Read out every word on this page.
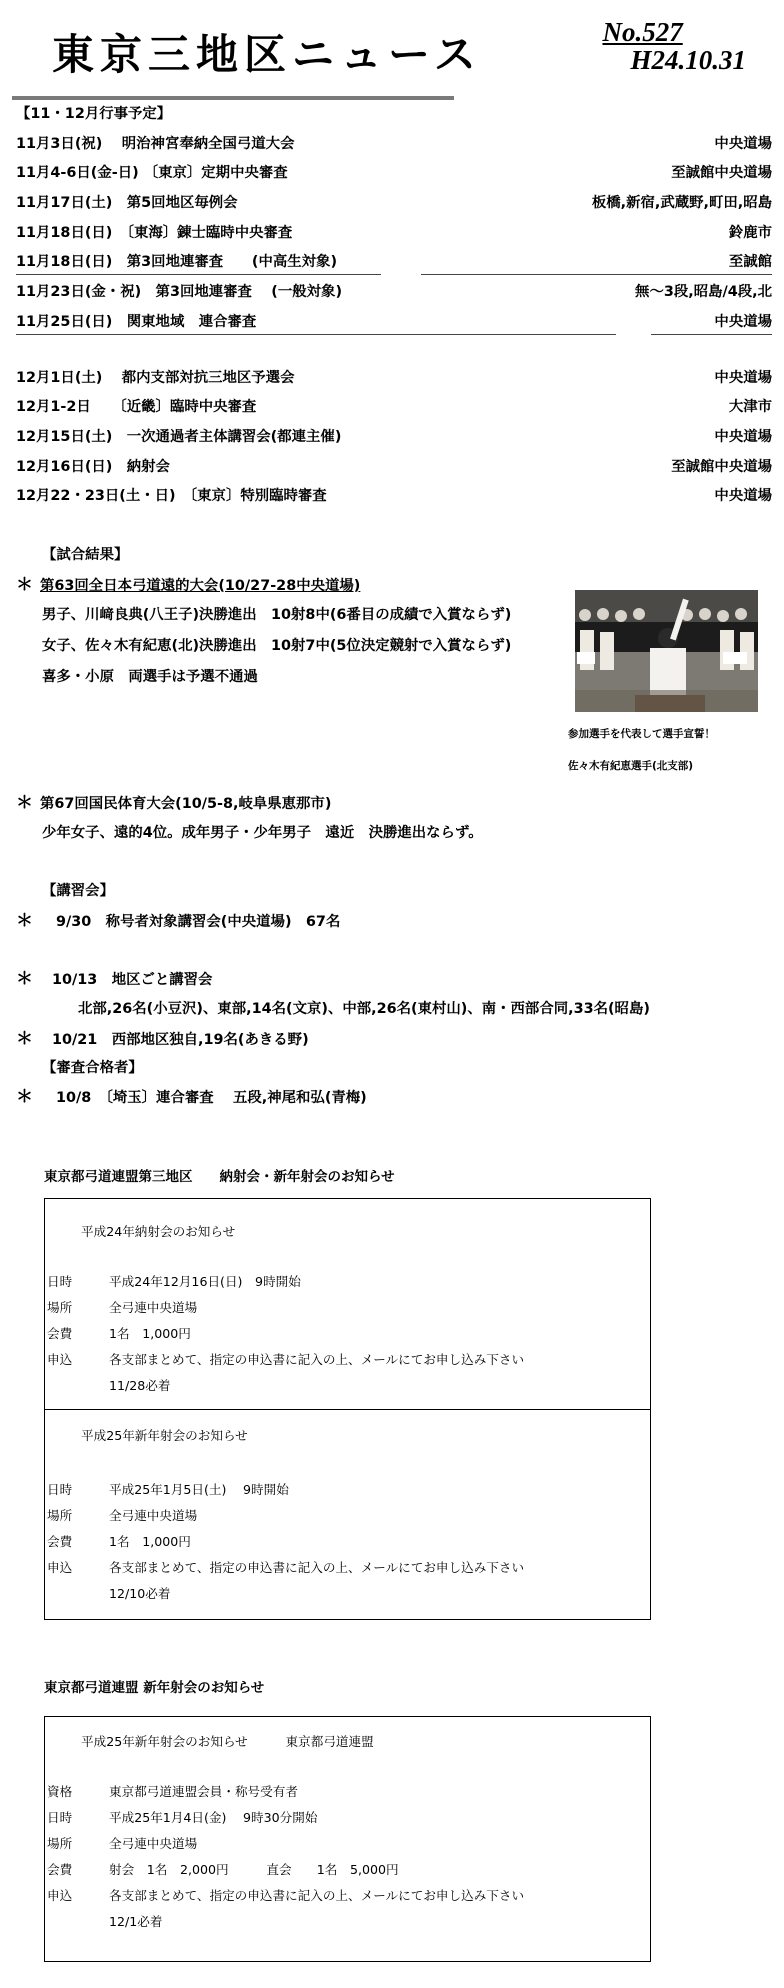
東京三地区ニュース	No.527
H24.10.31
【11・12月行事予定】
11月3日(祝)　 明治神宮奉納全国弓道大会	中央道場
11月4-6日(金-日) 〔東京〕定期中央審査	至誠館中央道場
11月17日(土)　第5回地区毎例会	板橋,新宿,武蔵野,町田,昭島
11月18日(日)　〔東海〕錬士臨時中央審査	鈴鹿市
11月18日(日)　第3回地連審査　　(中高生対象)	至誠館
11月23日(金・祝)　第3回地連審査　 (一般対象)	無～3段,昭島/4段,北
11月25日(日)　関東地域　連合審査	中央道場
12月1日(土)　 都内支部対抗三地区予選会	中央道場
12月1-2日　　〔近畿〕臨時中央審査	大津市
12月15日(土)　一次通過者主体講習会(都連主催)	中央道場
12月16日(日)　納射会	至誠館中央道場
12月22・23日(土・日)　〔東京〕特別臨時審査	中央道場
【試合結果】
＊ 第63回全日本弓道遠的大会(10/27-28中央道場)
男子、川﨑良典(八王子)決勝進出　10射8中(6番目の成績で入賞ならず)
女子、佐々木有紀恵(北)決勝進出　10射7中(5位決定競射で入賞ならず)
喜多・小原　両選手は予選不通過
参加選手を代表して選手宣誓！
佐々木有紀恵選手(北支部)
＊ 第67回国民体育大会(10/5-8,岐阜県恵那市)
少年女子、遠的4位。成年男子・少年男子　遠近　決勝進出ならず。
【講習会】
＊ 9/30　称号者対象講習会(中央道場)　67名
＊ 10/13　地区ごと講習会
北部,26名(小豆沢)、東部,14名(文京)、中部,26名(東村山)、南・西部合同,33名(昭島)
＊ 10/21　西部地区独自,19名(あきる野)
【審査合格者】
＊ 10/8　〔埼玉〕連合審査　 五段,神尾和弘(青梅)
東京都弓道連盟第三地区　　納射会・新年射会のお知らせ
平成24年納射会のお知らせ
日時	平成24年12月16日(日)　9時開始
場所	全弓連中央道場
会費	1名　1,000円
申込	各支部まとめて、指定の申込書に記入の上、メールにてお申し込み下さい
11/28必着
平成25年新年射会のお知らせ
日時	平成25年1月5日(土)　 9時開始
場所	全弓連中央道場
会費	1名　1,000円
申込	各支部まとめて、指定の申込書に記入の上、メールにてお申し込み下さい
12/10必着
東京都弓道連盟 新年射会のお知らせ
平成25年新年射会のお知らせ　　　東京都弓道連盟
資格	東京都弓道連盟会員・称号受有者
日時	平成25年1月4日(金)　 9時30分開始
場所	全弓連中央道場
会費	射会　1名　2,000円　　　直会　　1名　5,000円
申込	各支部まとめて、指定の申込書に記入の上、メールにてお申し込み下さい
12/1必着
